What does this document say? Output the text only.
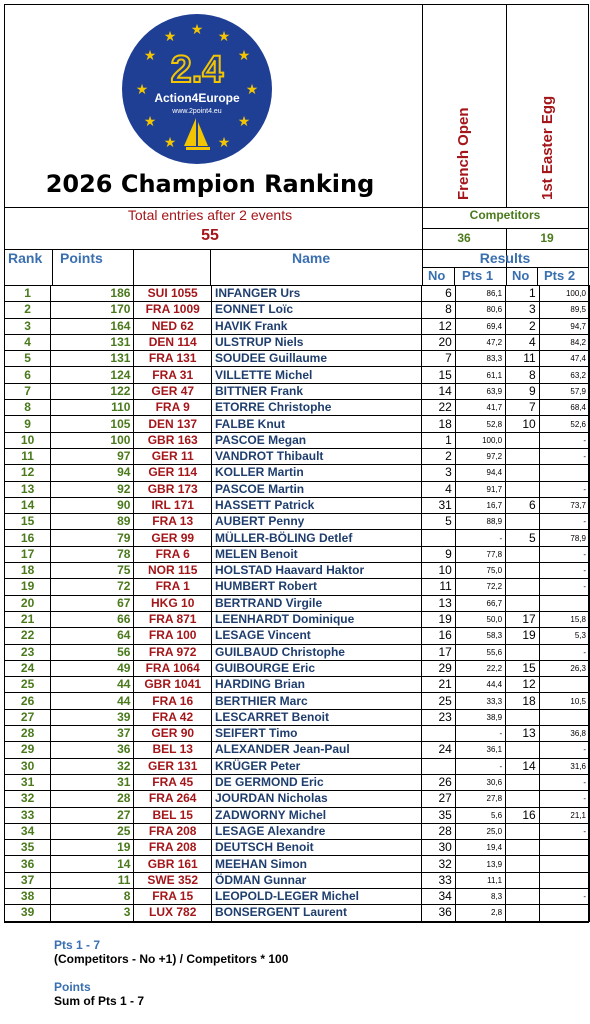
★ ★
★
★
★
★
★
★
★
★
★
2.4
Action4Europe
www.2point4.eu
2026 Champion Ranking
Total entries after 2 events
55
French Open	1st Easter Egg
Competitors
36	19
Rank Points	Name	Results
No Pts 1 No Pts 2
1	186	SUI 1055	INFANGER Urs	6	86,1	1	100,0
2	170	FRA 1009	EONNET Loïc	8	80,6	3	89,5
3	164	NED 62	HAVIK Frank	12	69,4	2	94,7
4	131	DEN 114	ULSTRUP Niels	20	47,2	4	84,2
5	131	FRA 131	SOUDEE Guillaume	7	83,3	11	47,4
6	124	FRA 31	VILLETTE Michel	15	61,1	8	63,2
7	122	GER 47	BITTNER Frank	14	63,9	9	57,9
8	110	FRA 9	ETORRE Christophe	22	41,7	7	68,4
9	105	DEN 137	FALBE Knut	18	52,8	10	52,6
10	100	GBR 163	PASCOE Megan	1	100,0		-
11	97	GER 11	VANDROT Thibault	2	97,2		-
12	94	GER 114	KOLLER Martin	3	94,4		
13	92	GBR 173	PASCOE Martin	4	91,7		-
14	90	IRL 171	HASSETT Patrick	31	16,7	6	73,7
15	89	FRA 13	AUBERT Penny	5	88,9		-
16	79	GER 99	MÜLLER-BÖLING Detlef		-	5	78,9
17	78	FRA 6	MELEN Benoit	9	77,8		-
18	75	NOR 115	HOLSTAD Haavard Haktor	10	75,0		-
19	72	FRA 1	HUMBERT Robert	11	72,2		-
20	67	HKG 10	BERTRAND Virgile	13	66,7		
21	66	FRA 871	LEENHARDT Dominique	19	50,0	17	15,8
22	64	FRA 100	LESAGE Vincent	16	58,3	19	5,3
23	56	FRA 972	GUILBAUD Christophe	17	55,6		-
24	49	FRA 1064	GUIBOURGE Eric	29	22,2	15	26,3
25	44	GBR 1041	HARDING Brian	21	44,4	12	
26	44	FRA 16	BERTHIER Marc	25	33,3	18	10,5
27	39	FRA 42	LESCARRET Benoit	23	38,9		
28	37	GER 90	SEIFERT Timo		-	13	36,8
29	36	BEL 13	ALEXANDER Jean-Paul	24	36,1		-
30	32	GER 131	KRÜGER Peter		-	14	31,6
31	31	FRA 45	DE GERMOND Eric	26	30,6		-
32	28	FRA 264	JOURDAN Nicholas	27	27,8		-
33	27	BEL 15	ZADWORNY Michel	35	5,6	16	21,1
34	25	FRA 208	LESAGE Alexandre	28	25,0		-
35	19	FRA 208	DEUTSCH Benoit	30	19,4		
36	14	GBR 161	MEEHAN Simon	32	13,9		
37	11	SWE 352	ÖDMAN Gunnar	33	11,1		
38	8	FRA 15	LEOPOLD-LEGER Michel	34	8,3		-
39	3	LUX 782	BONSERGENT Laurent	36	2,8		
Pts 1 - 7
(Competitors - No +1) / Competitors * 100
Points
Sum of Pts 1 - 7
